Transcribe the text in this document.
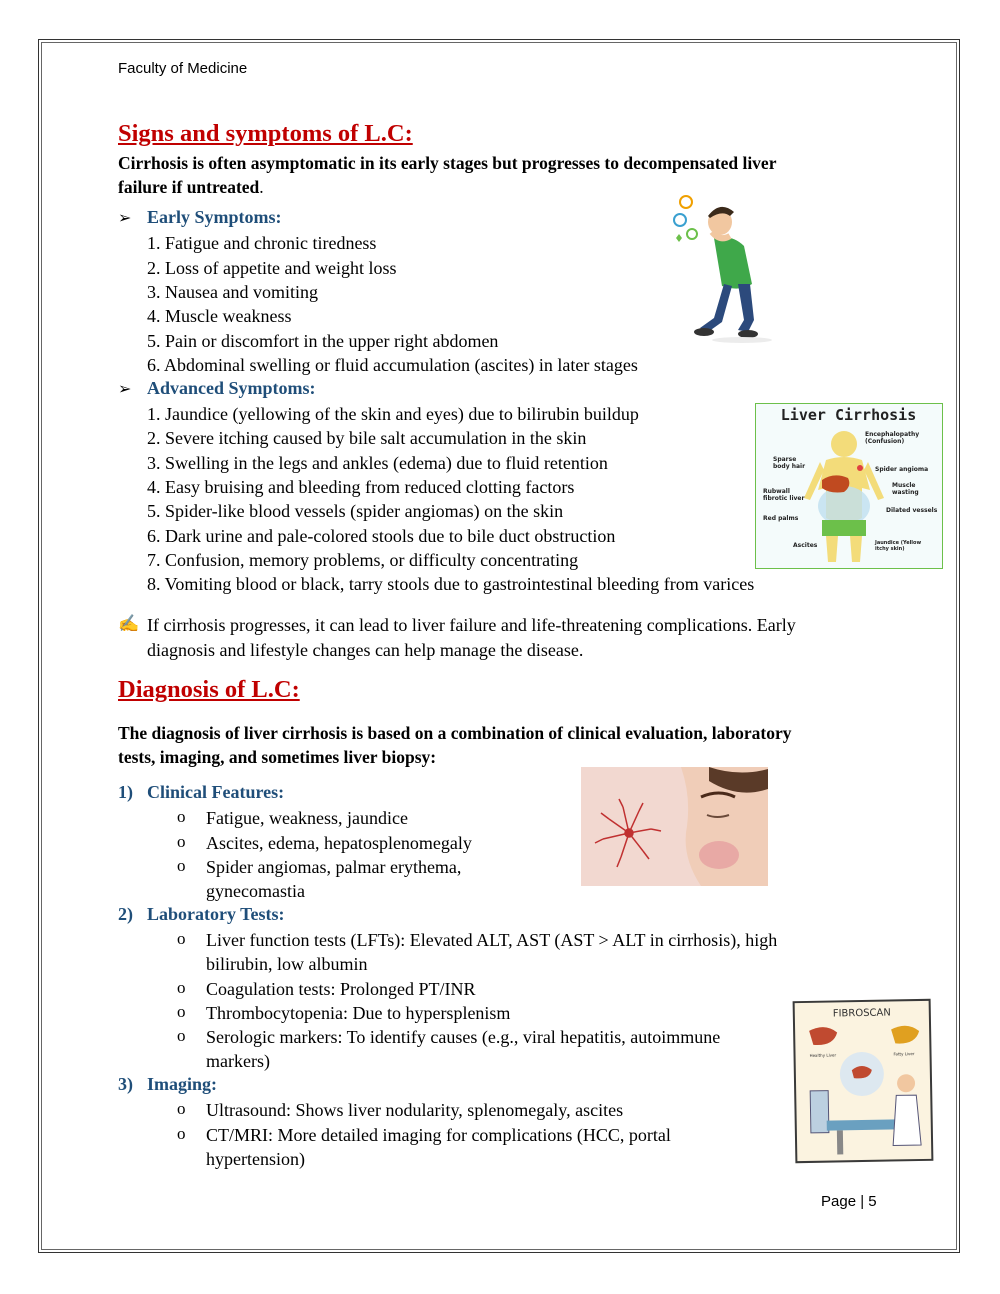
Faculty of Medicine
Signs and symptoms of L.C:
Cirrhosis is often asymptomatic in its early stages but progresses to decompensated liver
failure if untreated.
➢ Early Symptoms:
1. Fatigue and chronic tiredness
2. Loss of appetite and weight loss
3. Nausea and vomiting
4. Muscle weakness
5. Pain or discomfort in the upper right abdomen
6. Abdominal swelling or fluid accumulation (ascites) in later stages
➢ Advanced Symptoms:
1. Jaundice (yellowing of the skin and eyes) due to bilirubin buildup
2. Severe itching caused by bile salt accumulation in the skin
3. Swelling in the legs and ankles (edema) due to fluid retention
4. Easy bruising and bleeding from reduced clotting factors
5. Spider-like blood vessels (spider angiomas) on the skin
6. Dark urine and pale-colored stools due to bile duct obstruction
7. Confusion, memory problems, or difficulty concentrating
8. Vomiting blood or black, tarry stools due to gastrointestinal bleeding from varices
✍ If cirrhosis progresses, it can lead to liver failure and life-threatening complications. Early
diagnosis and lifestyle changes can help manage the disease.
Diagnosis of L.C:
The diagnosis of liver cirrhosis is based on a combination of clinical evaluation, laboratory
tests, imaging, and sometimes liver biopsy:
1) Clinical Features:
o Fatigue, weakness, jaundice
o Ascites, edema, hepatosplenomegaly
o Spider angiomas, palmar erythema,
gynecomastia
2) Laboratory Tests:
o Liver function tests (LFTs): Elevated ALT, AST (AST > ALT in cirrhosis), high
bilirubin, low albumin
o Coagulation tests: Prolonged PT/INR
o Thrombocytopenia: Due to hypersplenism
o Serologic markers: To identify causes (e.g., viral hepatitis, autoimmune
markers)
3) Imaging:
o Ultrasound: Shows liver nodularity, splenomegaly, ascites
o CT/MRI: More detailed imaging for complications (HCC, portal
hypertension)
Liver Cirrhosis
Encephalopathy (Confusion)
Sparse body hair	Spider angioma
Rubwall fibrotic liver
Muscle wasting
Red palms
Dilated vessels
Ascites	Jaundice (Yellow itchy skin)
FIBROSCAN
Healthy Liver	Fatty Liver
Page | 5
